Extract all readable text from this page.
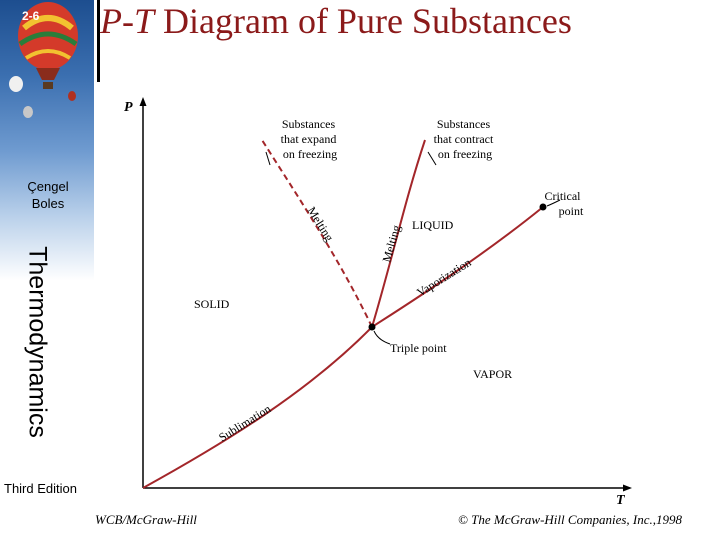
2-6
Çengel
Boles
Thermodynamics
Third Edition
P-T Diagram of Pure Substances
P
T
Substances that expand on freezing
Substances that contract on freezing
Critical point
Melting	Melting LIQUID
Vaporization
SOLID
Triple point
VAPOR
Sublimation
WCB/McGraw-Hill	© The McGraw-Hill Companies, Inc.,1998
